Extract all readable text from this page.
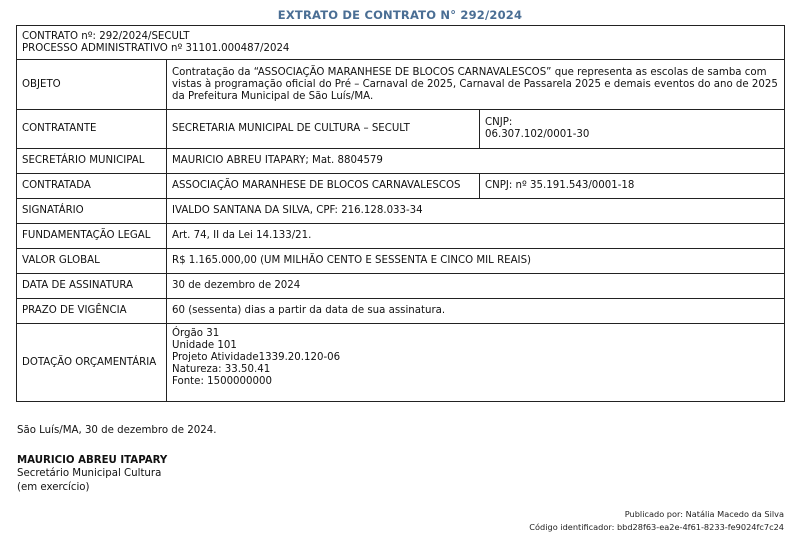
EXTRATO DE CONTRATO N° 292/2024
CONTRATO nº: 292/2024/SECULT
PROCESSO ADMINISTRATIVO nº 31101.000487/2024		
OBJETO	Contratação da “ASSOCIAÇÃO MARANHESE DE BLOCOS CARNAVALESCOS” que representa as escolas de samba com vistas à programação oficial do Pré – Carnaval de 2025, Carnaval de Passarela 2025 e demais eventos do ano de 2025 da Prefeitura Municipal de São Luís/MA.	
CONTRATANTE	SECRETARIA MUNICIPAL DE CULTURA – SECULT	CNJP:
06.307.102/0001-30
SECRETÁRIO MUNICIPAL	MAURICIO ABREU ITAPARY; Mat. 8804579	
CONTRATADA	ASSOCIAÇÃO MARANHESE DE BLOCOS CARNAVALESCOS	CNPJ: nº 35.191.543/0001-18
SIGNATÁRIO	IVALDO SANTANA DA SILVA, CPF: 216.128.033-34	
FUNDAMENTAÇÃO LEGAL	Art. 74, II da Lei 14.133/21.	
VALOR GLOBAL	R$ 1.165.000,00 (UM MILHÃO CENTO E SESSENTA E CINCO MIL REAIS)	
DATA DE ASSINATURA	30 de dezembro de 2024	
PRAZO DE VIGÊNCIA	60 (sessenta) dias a partir da data de sua assinatura.	
DOTAÇÃO ORÇAMENTÁRIA	Órgão 31
Unidade 101
Projeto Atividade1339.20.120-06
Natureza: 33.50.41
Fonte: 1500000000	
São Luís/MA, 30 de dezembro de 2024.
MAURICIO ABREU ITAPARY
Secretário Municipal Cultura
(em exercício)
Publicado por: Natália Macedo da Silva
Código identificador: bbd28f63-ea2e-4f61-8233-fe9024fc7c24
